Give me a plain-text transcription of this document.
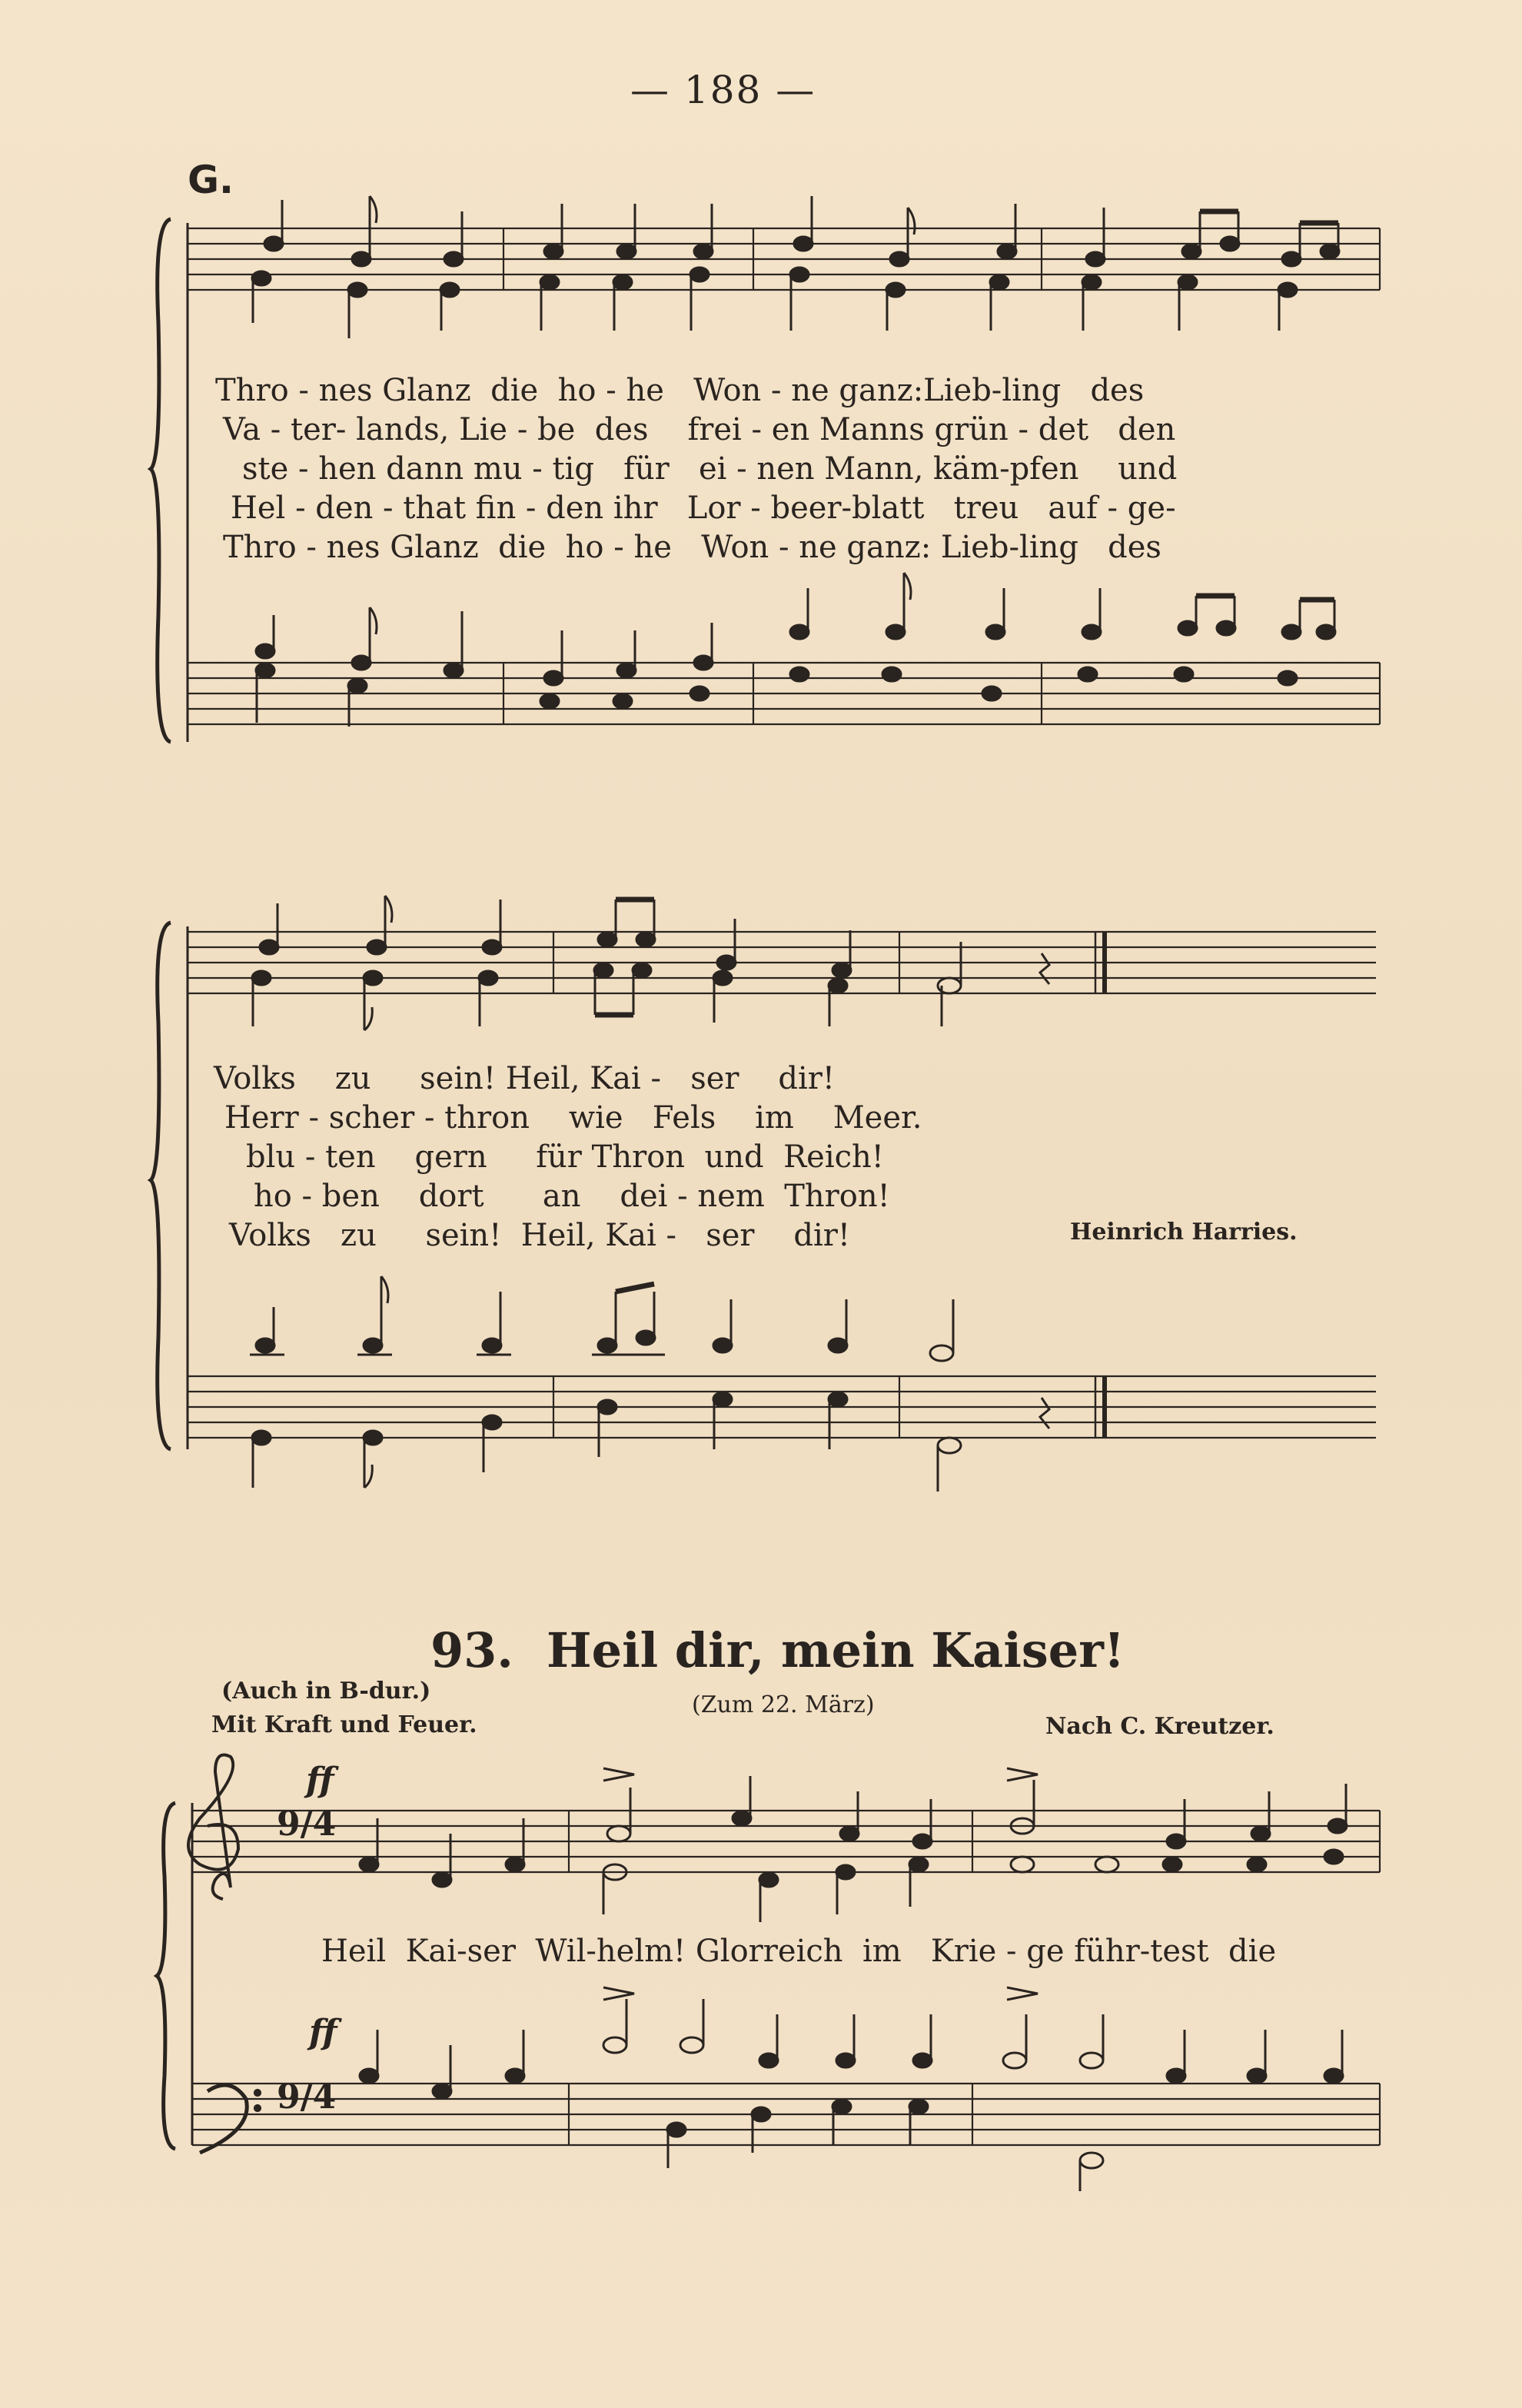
— 188 —
G.
Thro - nes Glanz die ho - he Won - ne ganz:Lieb-ling des
Va - ter- lands, Lie - be des frei - en Manns grün - det den
ste - hen dann mu - tig für ei - nen Mann, käm-pfen und
Hel - den - that fin - den ihr Lor - beer-blatt treu auf - ge-
Thro - nes Glanz die ho - he Won - ne ganz: Lieb-ling des
Volks zu sein! Heil, Kai - ser dir!
Herr - scher - thron wie Fels im Meer.
blu - ten gern für Thron und Reich!
ho - ben dort an dei - nem Thron!
Volks zu sein! Heil, Kai - ser dir!	Heinrich Harries.
93. Heil dir, mein Kaiser!
(Auch in B-dur.)
Mit Kraft und Feuer.
(Zum 22. März)
Nach C. Kreutzer.
ff
ff
9/4
9/4
Heil Kai-ser Wil-helm! Glorreich im Krie - ge führ-test die
